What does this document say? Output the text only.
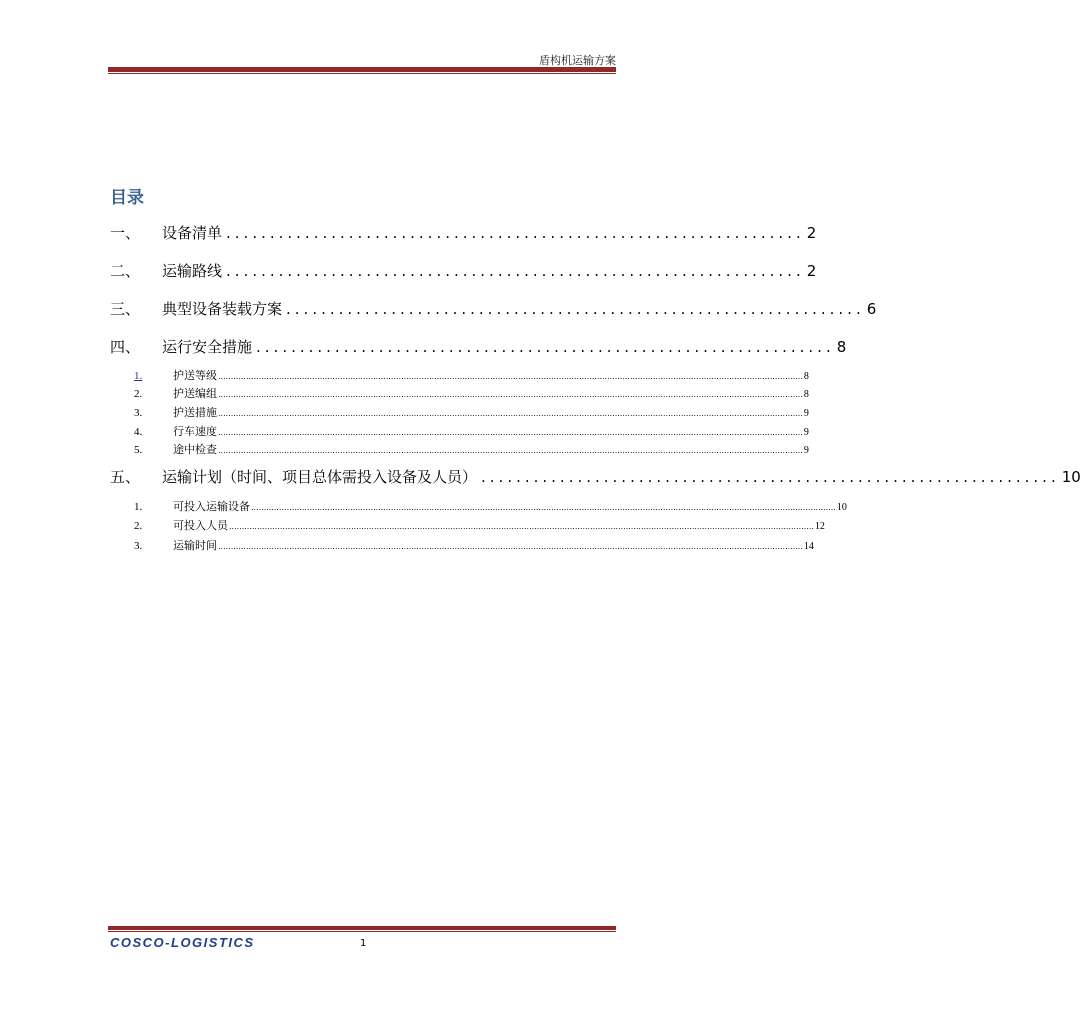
盾构机运输方案
目录
一、	设备清单 .................................................................. 2
二、	运输路线 .................................................................. 2
三、	典型设备装载方案 .................................................................. 6
四、	运行安全措施 .................................................................. 8
1.	护送等级 ...................................................................................................................................................................................................................................... 8
2.	护送编组 ...................................................................................................................................................................................................................................... 8
3.	护送措施 ...................................................................................................................................................................................................................................... 9
4.	行车速度 ...................................................................................................................................................................................................................................... 9
5.	途中检查 ...................................................................................................................................................................................................................................... 9
五、	运输计划（时间、项目总体需投入设备及人员） .................................................................. 10
1.	可投入运输设备 ...................................................................................................................................................................................................................................... 10
2.	可投入人员 ...................................................................................................................................................................................................................................... 12
3.	运输时间 ...................................................................................................................................................................................................................................... 14
COSCO-LOGISTICS	1
